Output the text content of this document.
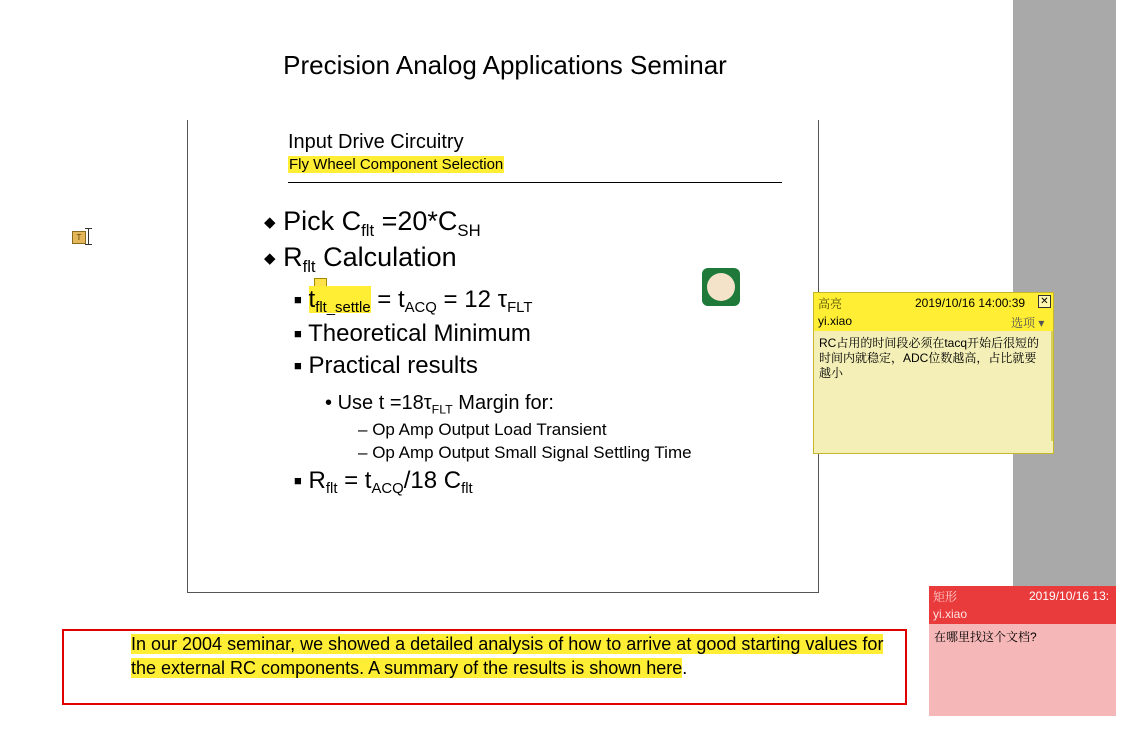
Precision Analog Applications Seminar
T
Input Drive Circuitry
Fly Wheel Component Selection
◆ Pick $C_{flt} =20*C_{SH}$
◆ $R_{flt}$ Calculation
■ $t_{flt\_settle} = t_{ACQ} = 12$ $\tau_{FLT}$
■ Theoretical Minimum
■ Practical results
• Use $t =18\tau_{FLT}$ Margin for:
– Op Amp Output Load Transient
– Op Amp Output Small Signal Settling Time
■ $R_{flt} = t_{ACQ}/18$ $C_{flt}$
高亮	2019/10/16 14:00:39 ✕
yi.xiao	选项 ▾
RC占用的时间段必须在tacq开始后很短的时间内就稳定，ADC位数越高，占比就要越小
矩形	2019/10/16 13:
yi.xiao
在哪里找这个文档?
In our 2004 seminar, we showed a detailed analysis of how to arrive at good starting values for the external RC components. A summary of the results is shown here.
